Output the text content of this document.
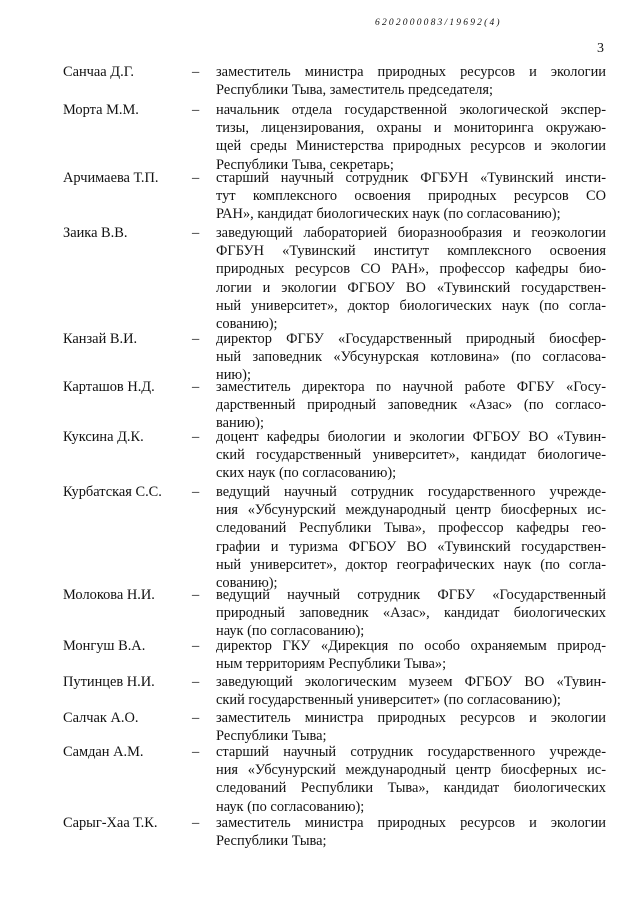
6202000083/19692(4)
3
Санчаа Д.Г.	– заместитель министра природных ресурсов и экологии
Республики Тыва, заместитель председателя;
Морта М.М.	– начальник отдела государственной экологической экспер-
тизы, лицензирования, охраны и мониторинга окружаю-
щей среды Министерства природных ресурсов и экологии
Республики Тыва, секретарь;
Арчимаева Т.П. – старший научный сотрудник ФГБУН «Тувинский инсти-
тут комплексного освоения природных ресурсов СО
РАН», кандидат биологических наук (по согласованию);
Заика В.В.	– заведующий лабораторией биоразнообразия и геоэкологии
ФГБУН «Тувинский институт комплексного освоения
природных ресурсов СО РАН», профессор кафедры био-
логии и экологии ФГБОУ ВО «Тувинский государствен-
ный университет», доктор биологических наук (по согла-
сованию);
Канзай В.И.	– директор ФГБУ «Государственный природный биосфер-
ный заповедник «Убсунурская котловина» (по согласова-
нию);
Карташов Н.Д.	– заместитель директора по научной работе ФГБУ «Госу-
дарственный природный заповедник «Азас» (по согласо-
ванию);
Куксина Д.К.	– доцент кафедры биологии и экологии ФГБОУ ВО «Тувин-
ский государственный университет», кандидат биологиче-
ских наук (по согласованию);
Курбатская С.С. – ведущий научный сотрудник государственного учрежде-
ния «Убсунурский международный центр биосферных ис-
следований Республики Тыва», профессор кафедры гео-
графии и туризма ФГБОУ ВО «Тувинский государствен-
ный университет», доктор географических наук (по согла-
сованию);
Молокова Н.И.	– ведущий научный сотрудник ФГБУ «Государственный
природный заповедник «Азас», кандидат биологических
наук (по согласованию);
Монгуш В.А.	– директор ГКУ «Дирекция по особо охраняемым природ-
ным территориям Республики Тыва»;
Путинцев Н.И.	– заведующий экологическим музеем ФГБОУ ВО «Тувин-
ский государственный университет» (по согласованию);
Салчак А.О.	– заместитель министра природных ресурсов и экологии
Республики Тыва;
Самдан А.М.	– старший научный сотрудник государственного учрежде-
ния «Убсунурский международный центр биосферных ис-
следований Республики Тыва», кандидат биологических
наук (по согласованию);
Сарыг-Хаа Т.К. – заместитель министра природных ресурсов и экологии
Республики Тыва;
